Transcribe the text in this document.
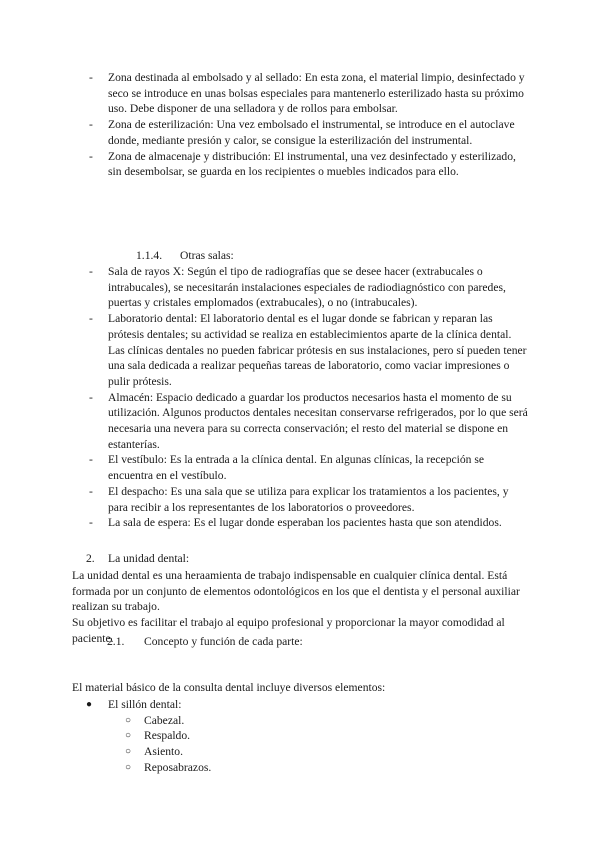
- Zona destinada al embolsado y al sellado: En esta zona, el material limpio, desinfectado y seco se introduce en unas bolsas especiales para mantenerlo esterilizado hasta su próximo uso. Debe disponer de una selladora y de rollos para embolsar.
- Zona de esterilización: Una vez embolsado el instrumental, se introduce en el autoclave donde, mediante presión y calor, se consigue la esterilización del instrumental.
- Zona de almacenaje y distribución: El instrumental, una vez desinfectado y esterilizado, sin desembolsar, se guarda en los recipientes o muebles indicados para ello.
1.1.4. Otras salas:
- Sala de rayos X: Según el tipo de radiografías que se desee hacer (extrabucales o intrabucales), se necesitarán instalaciones especiales de radiodiagnóstico con paredes, puertas y cristales emplomados (extrabucales), o no (intrabucales).
- Laboratorio dental: El laboratorio dental es el lugar donde se fabrican y reparan las prótesis dentales; su actividad se realiza en establecimientos aparte de la clínica dental. Las clínicas dentales no pueden fabricar prótesis en sus instalaciones, pero sí pueden tener una sala dedicada a realizar pequeñas tareas de laboratorio, como vaciar impresiones o pulir prótesis.
- Almacén: Espacio dedicado a guardar los productos necesarios hasta el momento de su utilización. Algunos productos dentales necesitan conservarse refrigerados, por lo que será necesaria una nevera para su correcta conservación; el resto del material se dispone en estanterías.
- El vestíbulo: Es la entrada a la clínica dental. En algunas clínicas, la recepción se encuentra en el vestíbulo.
- El despacho: Es una sala que se utiliza para explicar los tratamientos a los pacientes, y para recibir a los representantes de los laboratorios o proveedores.
- La sala de espera: Es el lugar donde esperaban los pacientes hasta que son atendidos.
2. La unidad dental:
La unidad dental es una heraamienta de trabajo indispensable en cualquier clínica dental. Está formada por un conjunto de elementos odontológicos en los que el dentista y el personal auxiliar realizan su trabajo.
Su objetivo es facilitar el trabajo al equipo profesional y proporcionar la mayor comodidad al paciente.
2.1. Concepto y función de cada parte:
El material básico de la consulta dental incluye diversos elementos:
● El sillón dental:
○ Cabezal.
○ Respaldo.
○ Asiento.
○ Reposabrazos.
